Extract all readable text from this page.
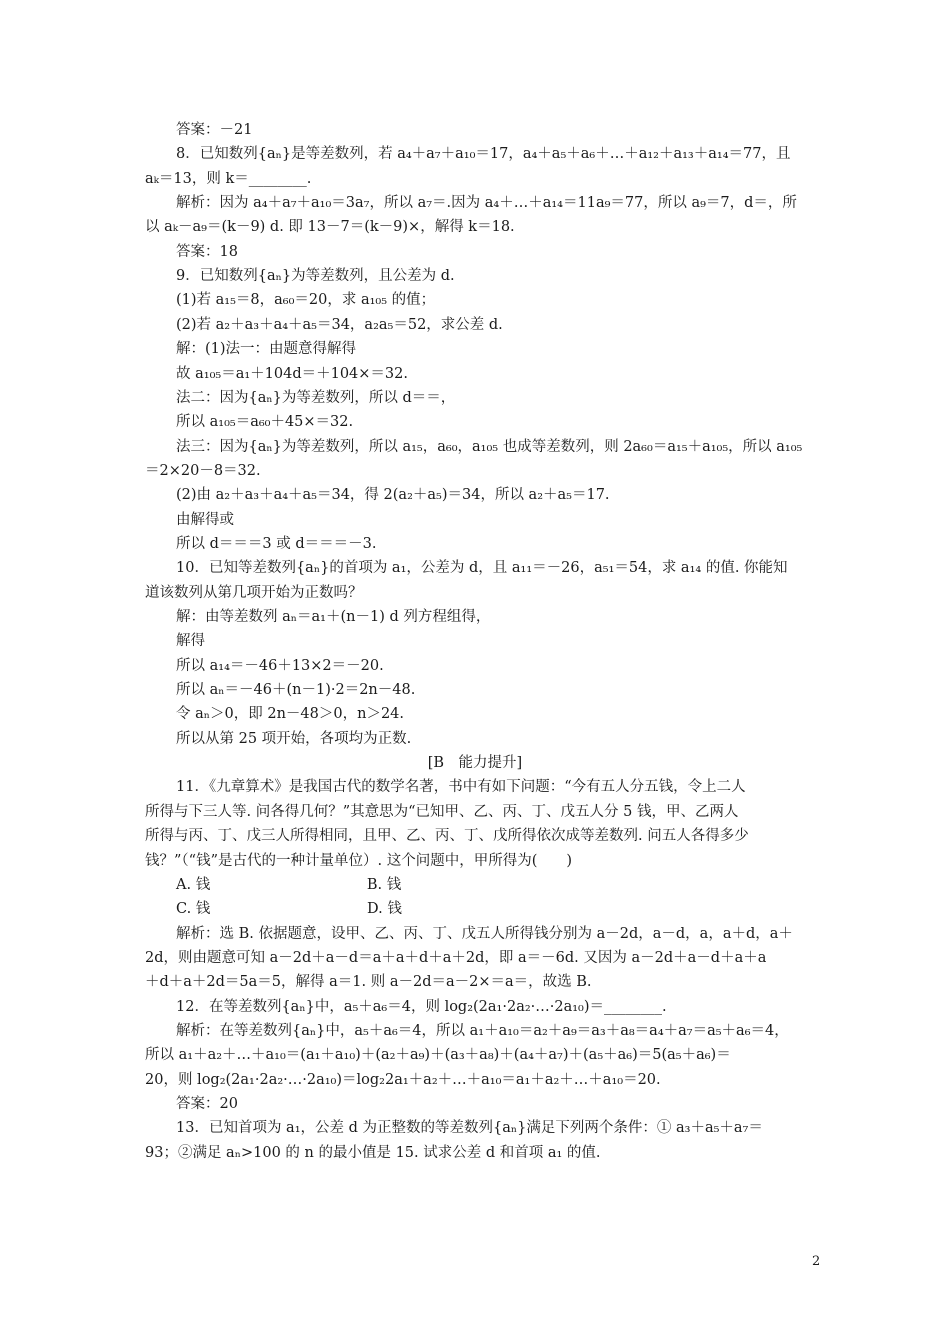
2
答案：－21
8．已知数列{aₙ}是等差数列，若 a₄＋a₇＋a₁₀＝17，a₄＋a₅＋a₆＋…＋a₁₂＋a₁₃＋a₁₄＝77，且
aₖ＝13，则 k＝________.
解析：因为 a₄＋a₇＋a₁₀＝3a₇，所以 a₇＝.因为 a₄＋…＋a₁₄＝11a₉＝77，所以 a₉＝7，d＝，所
以 aₖ－a₉＝(k－9) d. 即 13－7＝(k－9)×，解得 k＝18.
答案：18
9．已知数列{aₙ}为等差数列，且公差为 d.
(1)若 a₁₅＝8，a₆₀＝20，求 a₁₀₅ 的值；
(2)若 a₂＋a₃＋a₄＋a₅＝34，a₂a₅＝52，求公差 d.
解：(1)法一：由题意得解得
故 a₁₀₅＝a₁＋104d＝＋104×＝32.
法二：因为{aₙ}为等差数列，所以 d＝＝，
所以 a₁₀₅＝a₆₀＋45×＝32.
法三：因为{aₙ}为等差数列，所以 a₁₅，a₆₀，a₁₀₅ 也成等差数列，则 2a₆₀＝a₁₅＋a₁₀₅，所以 a₁₀₅
＝2×20－8＝32.
(2)由 a₂＋a₃＋a₄＋a₅＝34，得 2(a₂＋a₅)＝34，所以 a₂＋a₅＝17.
由解得或
所以 d＝＝＝3 或 d＝＝＝－3.
10．已知等差数列{aₙ}的首项为 a₁，公差为 d，且 a₁₁＝－26，a₅₁＝54，求 a₁₄ 的值. 你能知
道该数列从第几项开始为正数吗？
解：由等差数列 aₙ＝a₁＋(n－1) d 列方程组得，
解得
所以 a₁₄＝－46＋13×2＝－20.
所以 aₙ＝－46＋(n－1)·2＝2n－48.
令 aₙ＞0，即 2n－48＞0，n＞24.
所以从第 25 项开始，各项均为正数.
[B　能力提升]
11．《九章算术》是我国古代的数学名著，书中有如下问题：“今有五人分五钱，令上二人
所得与下三人等. 问各得几何？”其意思为“已知甲、乙、丙、丁、戊五人分 5 钱，甲、乙两人
所得与丙、丁、戊三人所得相同，且甲、乙、丙、丁、戊所得依次成等差数列. 问五人各得多少
钱？”（“钱”是古代的一种计量单位）. 这个问题中，甲所得为(　　)
A. 钱                                  B. 钱
C. 钱                                  D. 钱
解析：选 B. 依据题意，设甲、乙、丙、丁、戊五人所得钱分别为 a－2d，a－d，a，a＋d，a＋
2d，则由题意可知 a－2d＋a－d＝a＋a＋d＋a＋2d，即 a＝－6d. 又因为 a－2d＋a－d＋a＋a
＋d＋a＋2d＝5a＝5，解得 a＝1. 则 a－2d＝a－2×＝a＝，故选 B.
12．在等差数列{aₙ}中，a₅＋a₆＝4，则 log₂(2a₁·2a₂·…·2a₁₀)＝________.
解析：在等差数列{aₙ}中，a₅＋a₆＝4，所以 a₁＋a₁₀＝a₂＋a₉＝a₃＋a₈＝a₄＋a₇＝a₅＋a₆＝4，
所以 a₁＋a₂＋…＋a₁₀＝(a₁＋a₁₀)＋(a₂＋a₉)＋(a₃＋a₈)＋(a₄＋a₇)＋(a₅＋a₆)＝5(a₅＋a₆)＝
20，则 log₂(2a₁·2a₂·…·2a₁₀)＝log₂2a₁＋a₂＋…＋a₁₀＝a₁＋a₂＋…＋a₁₀＝20.
答案：20
13．已知首项为 a₁，公差 d 为正整数的等差数列{aₙ}满足下列两个条件：① a₃＋a₅＋a₇＝
93；②满足 aₙ>100 的 n 的最小值是 15. 试求公差 d 和首项 a₁ 的值.
